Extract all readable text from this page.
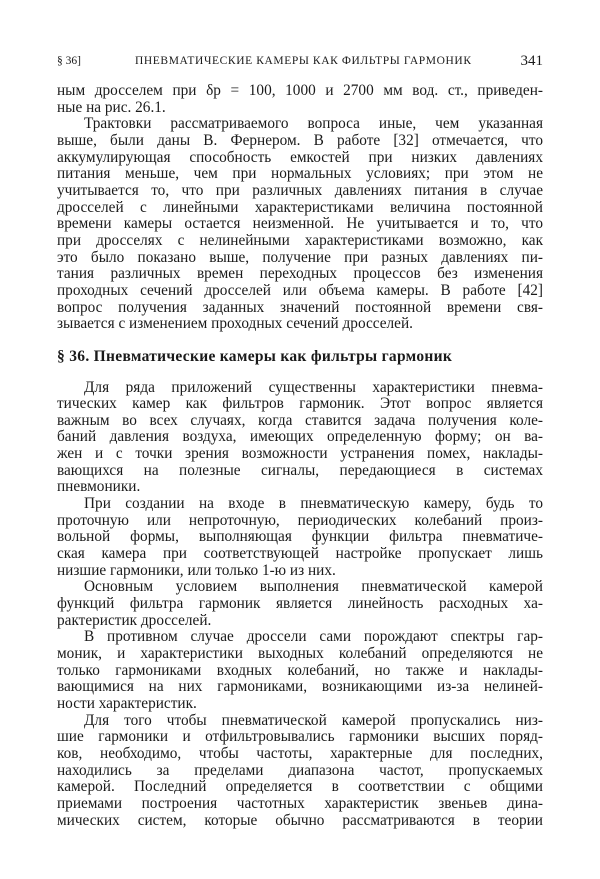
§ 36]	ПНЕВМАТИЧЕСКИЕ КАМЕРЫ КАК ФИЛЬТРЫ ГАРМОНИК	341
ным дросселем при δp = 100, 1000 и 2700 мм вод. ст., приведен-
ные на рис. 26.1.
Трактовки рассматриваемого вопроса иные, чем указанная
выше, были даны В. Фернером. В работе [32] отмечается, что
аккумулирующая способность емкостей при низких давлениях
питания меньше, чем при нормальных условиях; при этом не
учитывается то, что при различных давлениях питания в случае
дросселей с линейными характеристиками величина постоянной
времени камеры остается неизменной. Не учитывается и то, что
при дросселях с нелинейными характеристиками возможно, как
это было показано выше, получение при разных давлениях пи-
тания различных времен переходных процессов без изменения
проходных сечений дросселей или объема камеры. В работе [42]
вопрос получения заданных значений постоянной времени свя-
зывается с изменением проходных сечений дросселей.
§ 36. Пневматические камеры как фильтры гармоник
Для ряда приложений существенны характеристики пневма-
тических камер как фильтров гармоник. Этот вопрос является
важным во всех случаях, когда ставится задача получения коле-
баний давления воздуха, имеющих определенную форму; он ва-
жен и с точки зрения возможности устранения помех, наклады-
вающихся на полезные сигналы, передающиеся в системах
пневмоники.
При создании на входе в пневматическую камеру, будь то
проточную или непроточную, периодических колебаний произ-
вольной формы, выполняющая функции фильтра пневматиче-
ская камера при соответствующей настройке пропускает лишь
низшие гармоники, или только 1-ю из них.
Основным условием выполнения пневматической камерой
функций фильтра гармоник является линейность расходных ха-
рактеристик дросселей.
В противном случае дроссели сами порождают спектры гар-
моник, и характеристики выходных колебаний определяются не
только гармониками входных колебаний, но также и наклады-
вающимися на них гармониками, возникающими из-за нелиней-
ности характеристик.
Для того чтобы пневматической камерой пропускались низ-
шие гармоники и отфильтровывались гармоники высших поряд-
ков, необходимо, чтобы частоты, характерные для последних,
находились за пределами диапазона частот, пропускаемых
камерой. Последний определяется в соответствии с общими
приемами построения частотных характеристик звеньев дина-
мических систем, которые обычно рассматриваются в теории
